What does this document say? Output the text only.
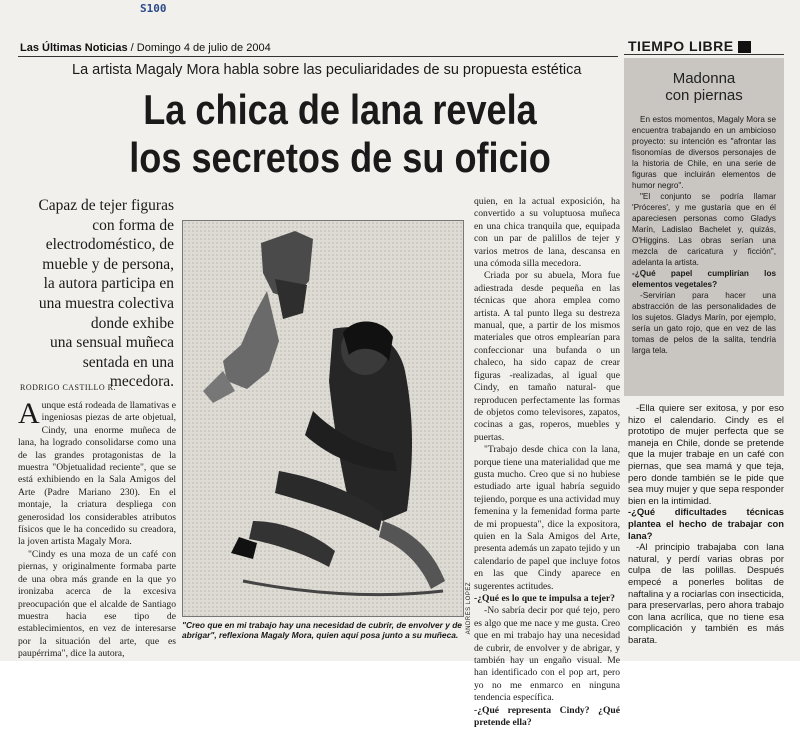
S100
Las Últimas Noticias / Domingo 4 de julio de 2004	TIEMPO LIBRE
La artista Magaly Mora habla sobre las peculiaridades de su propuesta estética
La chica de lana revela
los secretos de su oficio
Capaz de tejer figuras
con forma de
electrodoméstico, de
mueble y de persona,
la autora participa en
una muestra colectiva
donde exhibe
una sensual muñeca
sentada en una
mecedora.
RODRIGO CASTILLO R.

Aunque está rodeada de llamativas e ingeniosas piezas de arte objetual, Cindy, una enorme muñeca de lana, ha logrado consolidarse como una de las grandes protagonistas de la muestra "Objetualidad reciente", que se está exhibiendo en la Sala Amigos del Arte (Padre Mariano 230). En el montaje, la criatura despliega con generosidad los considerables atributos físicos que le ha concedido su creadora, la joven artista Magaly Mora.

"Cindy es una moza de un café con piernas, y originalmente formaba parte de una obra más grande en la que yo ironizaba acerca de la excesiva preocupación que el alcalde de Santiago muestra hacia ese tipo de establecimientos, en vez de interesarse por la situación del arte, que es paupérrima", dice la autora,

ANDRÉS LÓPEZ
"Creo que en mi trabajo hay una necesidad de cubrir, de envolver y de abrigar", reflexiona Magaly Mora, quien aquí posa junto a su muñeca.

quien, en la actual exposición, ha convertido a su voluptuosa muñeca en una chica tranquila que, equipada con un par de palillos de tejer y varios metros de lana, descansa en una cómoda silla mecedora.

Criada por su abuela, Mora fue adiestrada desde pequeña en las técnicas que ahora emplea como artista. A tal punto llega su destreza manual, que, a partir de los mismos materiales que otros emplearían para confeccionar una bufanda o un chaleco, ha sido capaz de crear figuras -realizadas, al igual que Cindy, en tamaño natural- que reproducen perfectamente las formas de objetos como televisores, zapatos, cocinas a gas, roperos, muebles y puertas.

"Trabajo desde chica con la lana, porque tiene una materialidad que me gusta mucho. Creo que si no hubiese estudiado arte igual habría seguido tejiendo, porque es una actividad muy femenina y la femenidad forma parte de mi propuesta", dice la expositora, quien en la Sala Amigos del Arte, presenta además un zapato tejido y un calendario de papel que incluye fotos en las que Cindy aparece en sugerentes actitudes.

-¿Qué es lo que te impulsa a tejer?

-No sabría decir por qué tejo, pero es algo que me nace y me gusta. Creo que en mi trabajo hay una necesidad de cubrir, de envolver y de abrigar, y también hay un engaño visual. Me han identificado con el pop art, pero yo no me enmarco en ninguna tendencia específica.

-¿Qué representa Cindy? ¿Qué pretende ella?

Madonna
con piernas

En estos momentos, Magaly Mora se encuentra trabajando en un ambicioso proyecto: su intención es "afrontar las fisonomías de diversos personajes de la historia de Chile, en una serie de figuras que incluirán elementos de humor negro".

"El conjunto se podría llamar 'Próceres', y me gustaría que en él apareciesen personas como Gladys Marín, Ladislao Bachelet y, quizás, O'Higgins. Las obras serían una mezcla de caricatura y ficción", adelanta la artista.

-¿Qué papel cumplirían los elementos vegetales?

-Servirían para hacer una abstracción de las personalidades de los sujetos. Gladys Marín, por ejemplo, sería un gato rojo, que en vez de las tomas de pelos de la salita, tendría larga tela.

-Ella quiere ser exitosa, y por eso hizo el calendario. Cindy es el prototipo de mujer perfecta que se maneja en Chile, donde se pretende que la mujer trabaje en un café con piernas, que sea mamá y que teja, pero donde también se le pide que sea muy mujer y que sepa responder bien en la intimidad.

-¿Qué dificultades técnicas plantea el hecho de trabajar con lana?

-Al principio trabajaba con lana natural, y perdí varias obras por culpa de las polillas. Después empecé a ponerles bolitas de naftalina y a rociarlas con insecticida, para preservarlas, pero ahora trabajo con lana acrílica, que no tiene esa complicación y también es más barata.
